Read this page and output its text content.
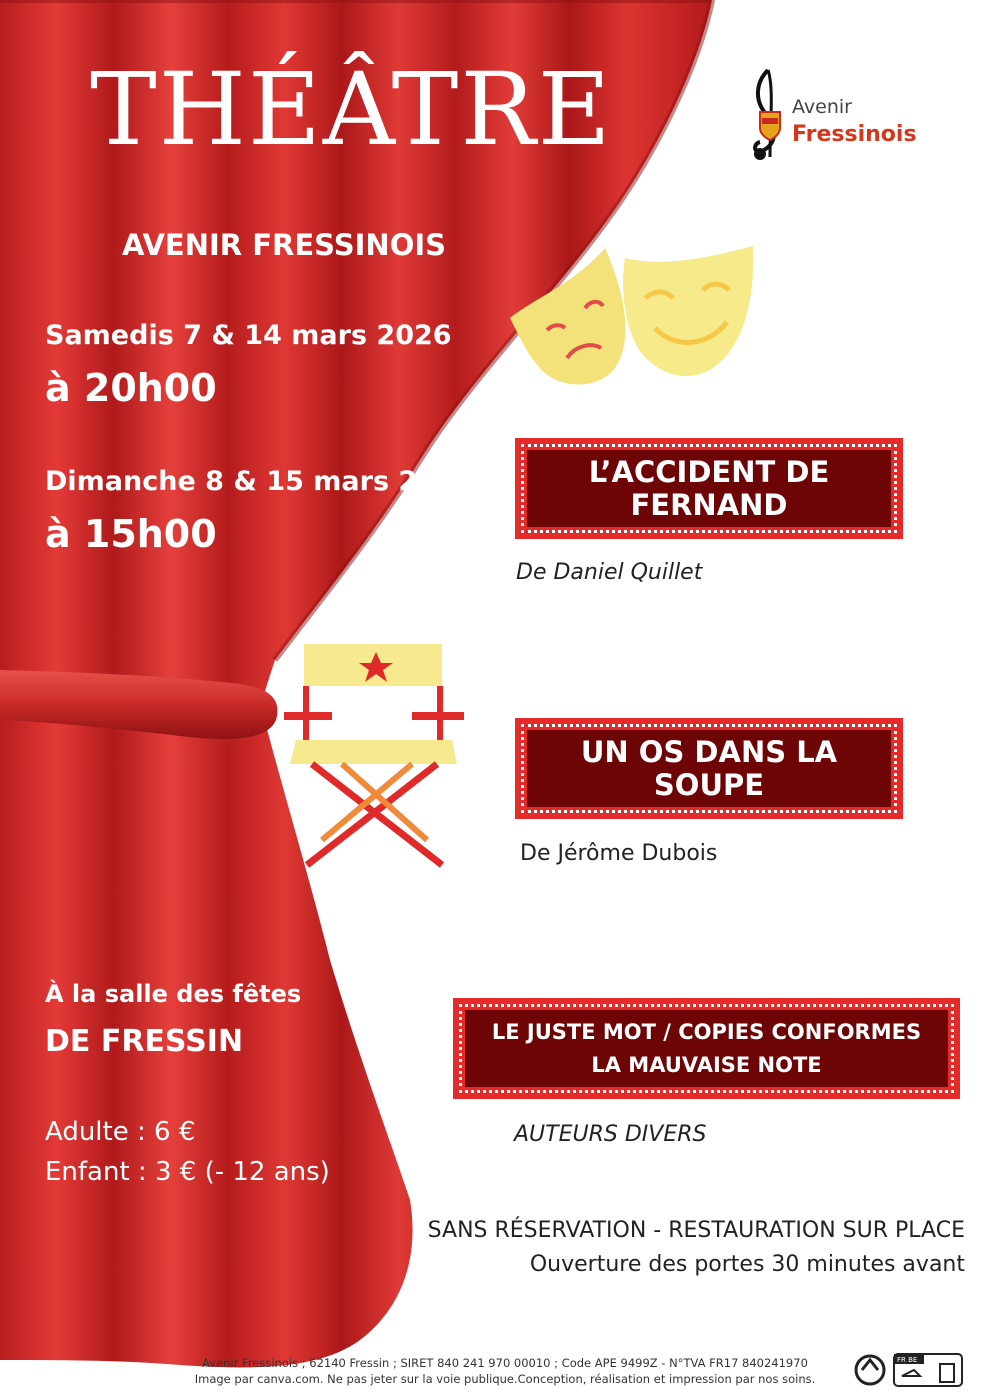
THÉÂTRE
AVENIR FRESSINOIS
Samedis 7 & 14 mars 2026
à 20h00
Dimanche 8 & 15 mars 2026
à 15h00
À la salle des fêtes
DE FRESSIN
Adulte : 6 €
Enfant : 3 € (- 12 ans)
Avenir
Fressinois
L’ACCIDENT DE
FERNAND
De Daniel Quillet
UN OS DANS LA
SOUPE
De Jérôme Dubois
LE JUSTE MOT / COPIES CONFORMES
LA MAUVAISE NOTE
AUTEURS DIVERS
SANS RÉSERVATION - RESTAURATION SUR PLACE
Ouverture des portes 30 minutes avant
Avenir Fressinois ; 62140 Fressin ; SIRET 840 241 970 00010 ; Code APE 9499Z - N°TVA FR17 840241970
Image par canva.com. Ne pas jeter sur la voie publique.Conception, réalisation et impression par nos soins.
FR BE
